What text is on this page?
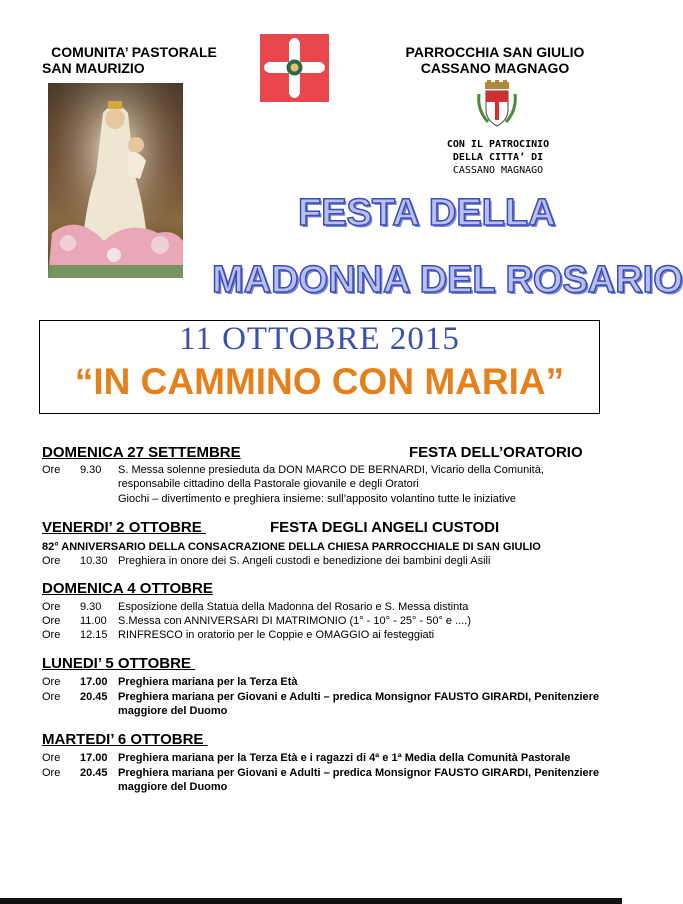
COMUNITA’ PASTORALE
SAN MAURIZIO
PARROCCHIA SAN GIULIO
CASSANO MAGNAGO
CON IL PATROCINIO
DELLA CITTA’ DI
CASSANO MAGNAGO
FESTA DELLA
MADONNA DEL ROSARIO
11 OTTOBRE 2015
“IN CAMMINO CON MARIA”
DOMENICA 27 SETTEMBRE	FESTA DELL’ORATORIO
Ore 9.30 S. Messa solenne presieduta da DON MARCO DE BERNARDI, Vicario della Comunità, responsabile cittadino della Pastorale giovanile e degli Oratori
Giochi – divertimento e preghiera insieme: sull’apposito volantino tutte le iniziative
VENERDI’ 2 OTTOBRE	FESTA DEGLI ANGELI CUSTODI
82° ANNIVERSARIO DELLA CONSACRAZIONE DELLA CHIESA PARROCCHIALE DI SAN GIULIO
Ore 10.30 Preghiera in onore dei S. Angeli custodi e benedizione dei bambini degli Asili
DOMENICA 4 OTTOBRE
Ore 9.30 Esposizione della Statua della Madonna del Rosario e S. Messa distinta
Ore 11.00 S.Messa con ANNIVERSARI DI MATRIMONIO (1° - 10° - 25° - 50° e ....)
Ore 12.15 RINFRESCO in oratorio per le Coppie e OMAGGIO ai festeggiati
LUNEDI’ 5 OTTOBRE
Ore 17.00 Preghiera mariana per la Terza Età
Ore 20.45 Preghiera mariana per Giovani e Adulti – predica Monsignor FAUSTO GIRARDI, Penitenziere maggiore del Duomo
MARTEDI’ 6 OTTOBRE
Ore 17.00 Preghiera mariana per la Terza Età e i ragazzi di 4ª e 1ª Media della Comunità Pastorale
Ore 20.45 Preghiera mariana per Giovani e Adulti – predica Monsignor FAUSTO GIRARDI, Penitenziere maggiore del Duomo
